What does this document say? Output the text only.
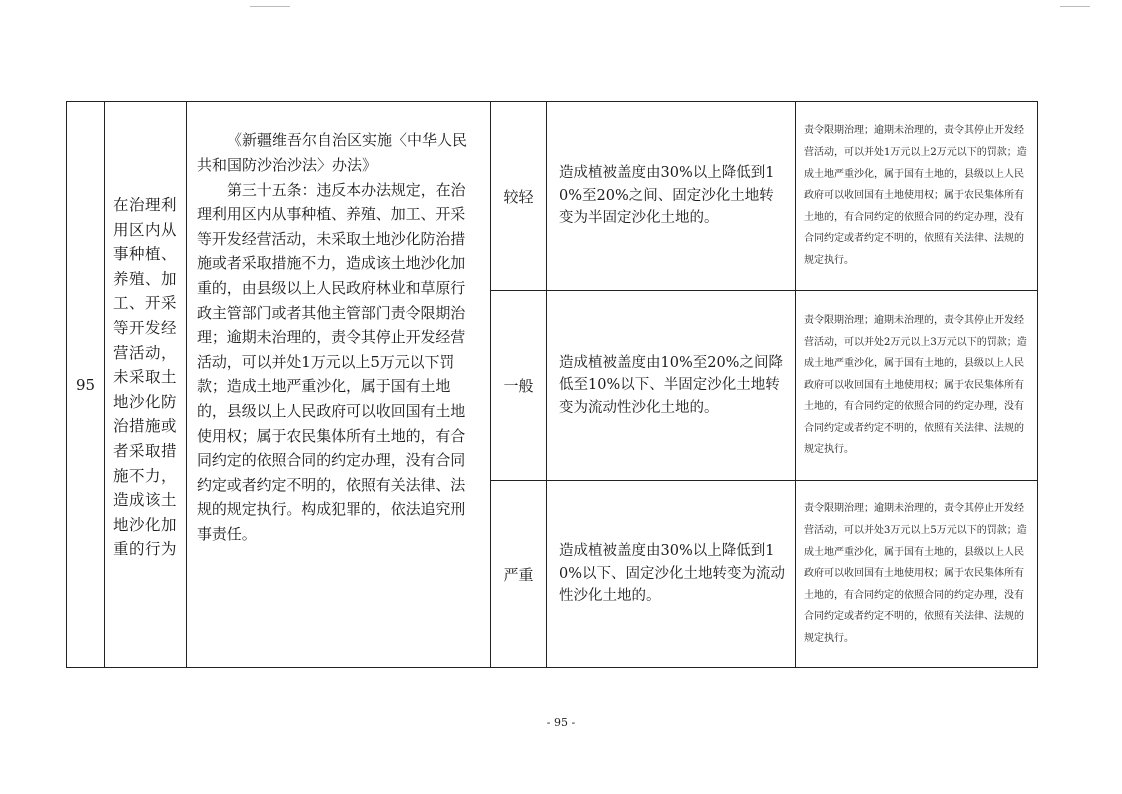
95	在治理利用区内从事种植、养殖、加工、开采等开发经营活动，未采取土地沙化防治措施或者采取措施不力，造成该土地沙化加重的行为	《新疆维吾尔自治区实施〈中华人民共和国防沙治沙法〉办法》

第三十五条：违反本办法规定，在治理利用区内从事种植、养殖、加工、开采等开发经营活动，未采取土地沙化防治措施或者采取措施不力，造成该土地沙化加重的，由县级以上人民政府林业和草原行政主管部门或者其他主管部门责令限期治理；逾期未治理的，责令其停止开发经营活动，可以并处1万元以上5万元以下罚款；造成土地严重沙化，属于国有土地的，县级以上人民政府可以收回国有土地使用权；属于农民集体所有土地的，有合同约定的依照合同的约定办理，没有合同约定或者约定不明的，依照有关法律、法规的规定执行。构成犯罪的，依法追究刑事责任。	较轻	造成植被盖度由30%以上降低到10%至20%之间、固定沙化土地转变为半固定沙化土地的。	责令限期治理；逾期未治理的，责令其停止开发经营活动，可以并处1万元以上2万元以下的罚款；造成土地严重沙化，属于国有土地的，县级以上人民政府可以收回国有土地使用权；属于农民集体所有土地的，有合同约定的依照合同的约定办理，没有合同约定或者约定不明的，依照有关法律、法规的规定执行。

			一般	造成植被盖度由10%至20%之间降低至10%以下、半固定沙化土地转变为流动性沙化土地的。	责令限期治理；逾期未治理的，责令其停止开发经营活动，可以并处2万元以上3万元以下的罚款；造成土地严重沙化，属于国有土地的，县级以上人民政府可以收回国有土地使用权；属于农民集体所有土地的，有合同约定的依照合同的约定办理，没有合同约定或者约定不明的，依照有关法律、法规的规定执行。

			严重	造成植被盖度由30%以上降低到10%以下、固定沙化土地转变为流动性沙化土地的。	责令限期治理；逾期未治理的，责令其停止开发经营活动，可以并处3万元以上5万元以下的罚款；造成土地严重沙化，属于国有土地的，县级以上人民政府可以收回国有土地使用权；属于农民集体所有土地的，有合同约定的依照合同的约定办理，没有合同约定或者约定不明的，依照有关法律、法规的规定执行。
- 95 -
